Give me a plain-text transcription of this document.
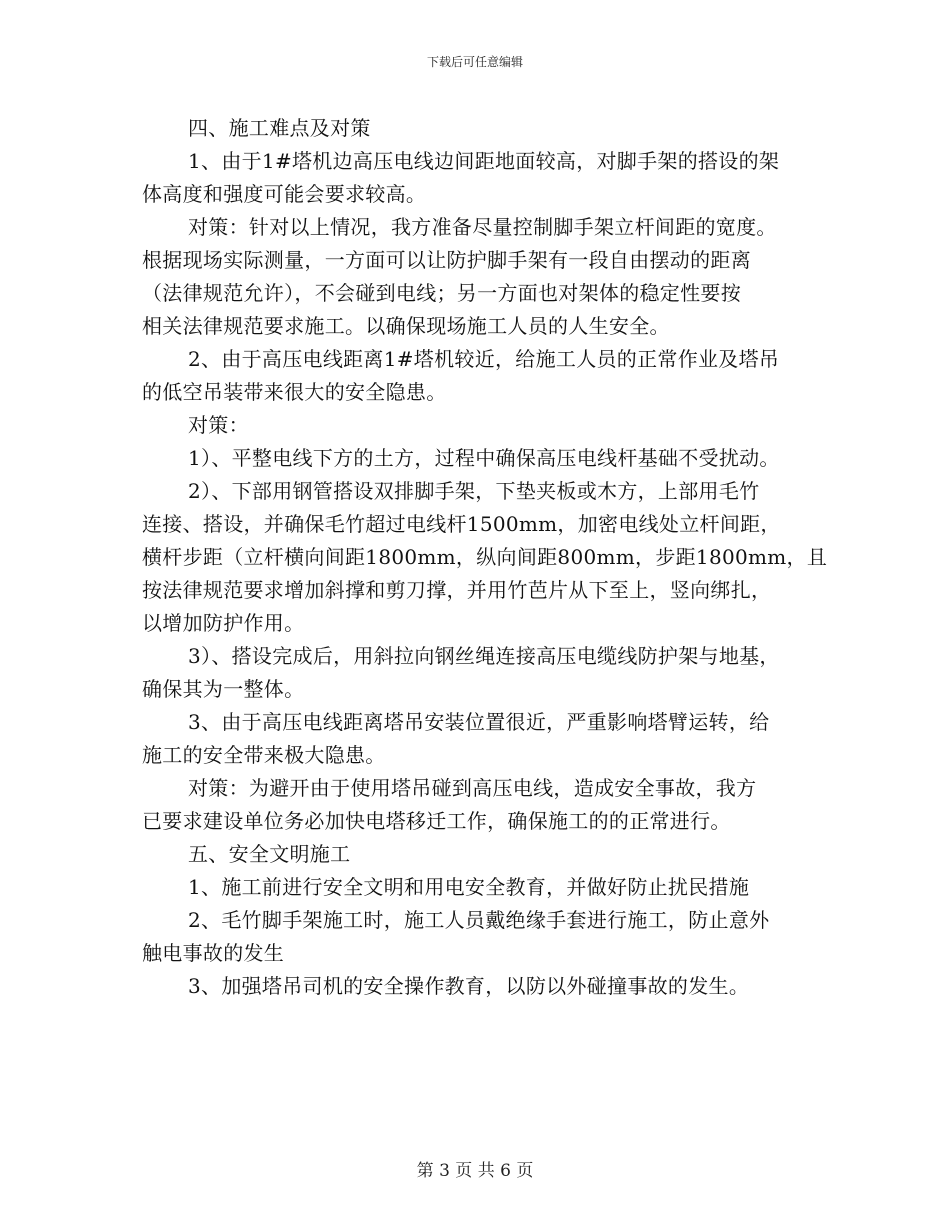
下载后可任意编辑
四、施工难点及对策
1、由于1#塔机边高压电线边间距地面较高，对脚手架的搭设的架
体高度和强度可能会要求较高。
对策：针对以上情况，我方准备尽量控制脚手架立杆间距的宽度。
根据现场实际测量，一方面可以让防护脚手架有一段自由摆动的距离
（法律规范允许），不会碰到电线；另一方面也对架体的稳定性要按
相关法律规范要求施工。以确保现场施工人员的人生安全。
2、由于高压电线距离1#塔机较近，给施工人员的正常作业及塔吊
的低空吊装带来很大的安全隐患。
对策：
1）、平整电线下方的土方，过程中确保高压电线杆基础不受扰动。
2）、下部用钢管搭设双排脚手架，下垫夹板或木方，上部用毛竹
连接、搭设，并确保毛竹超过电线杆1500mm，加密电线处立杆间距，
横杆步距（立杆横向间距1800mm，纵向间距800mm，步距1800mm，且
按法律规范要求增加斜撑和剪刀撑，并用竹芭片从下至上，竖向绑扎，
以增加防护作用。
3）、搭设完成后，用斜拉向钢丝绳连接高压电缆线防护架与地基，
确保其为一整体。
3、由于高压电线距离塔吊安装位置很近，严重影响塔臂运转，给
施工的安全带来极大隐患。
对策：为避开由于使用塔吊碰到高压电线，造成安全事故，我方
已要求建设单位务必加快电塔移迁工作，确保施工的的正常进行。
五、安全文明施工
1、施工前进行安全文明和用电安全教育，并做好防止扰民措施
2、毛竹脚手架施工时，施工人员戴绝缘手套进行施工，防止意外
触电事故的发生
3、加强塔吊司机的安全操作教育，以防以外碰撞事故的发生。
第 3 页 共 6 页
